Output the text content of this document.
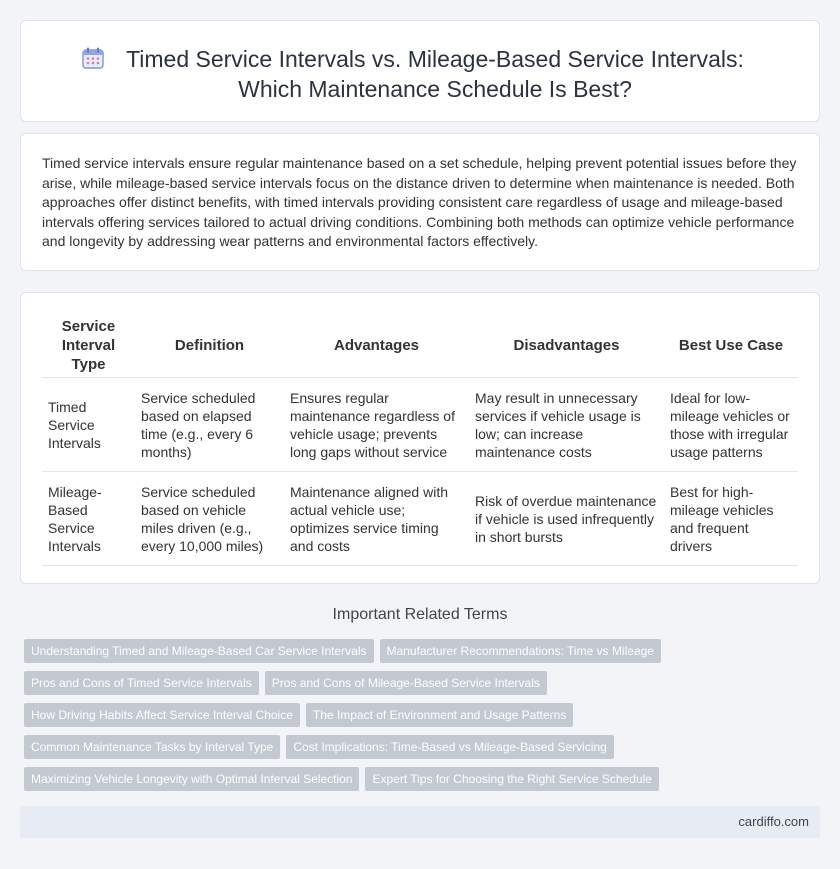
Timed Service Intervals vs. Mileage-Based Service Intervals: Which Maintenance Schedule Is Best?

Timed service intervals ensure regular maintenance based on a set schedule, helping prevent potential issues before they arise, while mileage-based service intervals focus on the distance driven to determine when maintenance is needed. Both approaches offer distinct benefits, with timed intervals providing consistent care regardless of usage and mileage-based intervals offering services tailored to actual driving conditions. Combining both methods can optimize vehicle performance and longevity by addressing wear patterns and environmental factors effectively.

Service Interval Type	Definition	Advantages	Disadvantages	Best Use Case
Timed Service Intervals	Service scheduled based on elapsed time (e.g., every 6 months)	Ensures regular maintenance regardless of vehicle usage; prevents long gaps without service	May result in unnecessary services if vehicle usage is low; can increase maintenance costs	Ideal for low-mileage vehicles or those with irregular usage patterns
Mileage-Based Service Intervals	Service scheduled based on vehicle miles driven (e.g., every 10,000 miles)	Maintenance aligned with actual vehicle use; optimizes service timing and costs	Risk of overdue maintenance if vehicle is used infrequently in short bursts	Best for high-mileage vehicles and frequent drivers
Important Related Terms
Understanding Timed and Mileage-Based Car Service Intervals Manufacturer Recommendations: Time vs Mileage
Pros and Cons of Timed Service Intervals Pros and Cons of Mileage-Based Service Intervals
How Driving Habits Affect Service Interval Choice The Impact of Environment and Usage Patterns
Common Maintenance Tasks by Interval Type Cost Implications: Time-Based vs Mileage-Based Servicing
Maximizing Vehicle Longevity with Optimal Interval Selection Expert Tips for Choosing the Right Service Schedule
cardiffo.com
